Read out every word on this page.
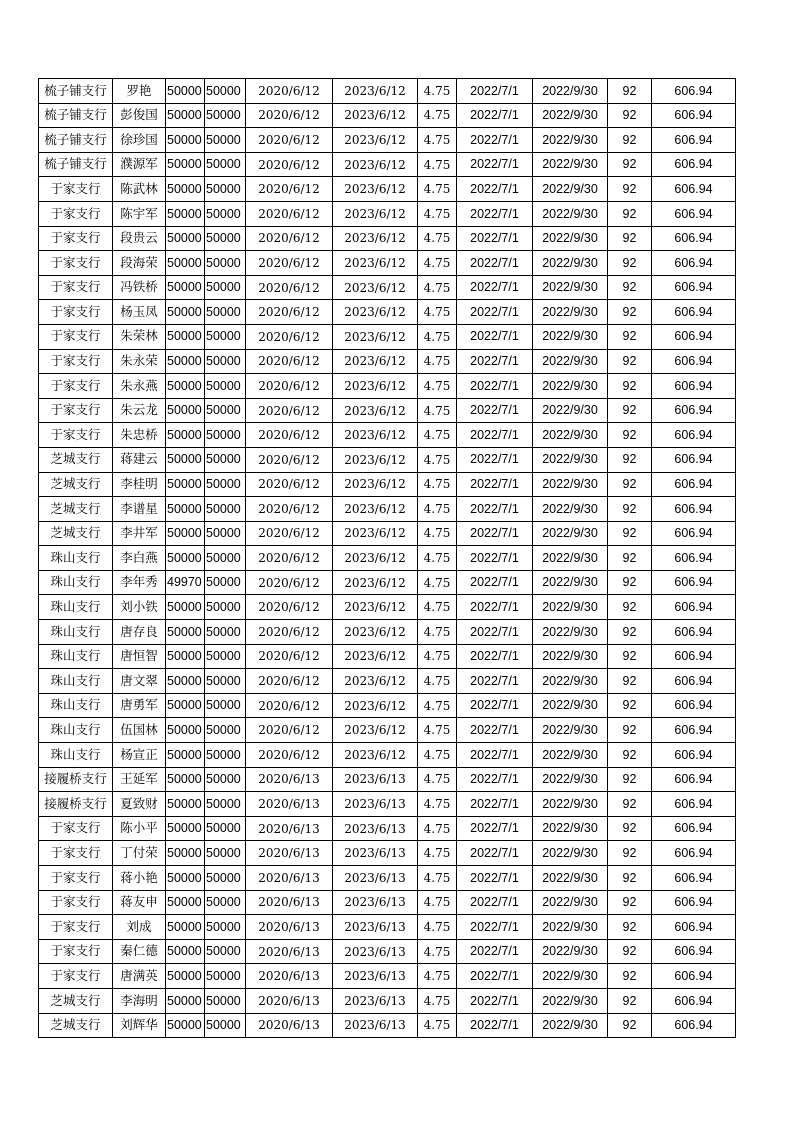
梳子铺支行	罗艳	50000	50000	2020/6/12	2023/6/12	4.75	2022/7/1	2022/9/30	92	606.94
梳子铺支行	彭俊国	50000	50000	2020/6/12	2023/6/12	4.75	2022/7/1	2022/9/30	92	606.94
梳子铺支行	徐珍国	50000	50000	2020/6/12	2023/6/12	4.75	2022/7/1	2022/9/30	92	606.94
梳子铺支行	濮源军	50000	50000	2020/6/12	2023/6/12	4.75	2022/7/1	2022/9/30	92	606.94
于家支行	陈武林	50000	50000	2020/6/12	2023/6/12	4.75	2022/7/1	2022/9/30	92	606.94
于家支行	陈宇军	50000	50000	2020/6/12	2023/6/12	4.75	2022/7/1	2022/9/30	92	606.94
于家支行	段贵云	50000	50000	2020/6/12	2023/6/12	4.75	2022/7/1	2022/9/30	92	606.94
于家支行	段海荣	50000	50000	2020/6/12	2023/6/12	4.75	2022/7/1	2022/9/30	92	606.94
于家支行	冯铁桥	50000	50000	2020/6/12	2023/6/12	4.75	2022/7/1	2022/9/30	92	606.94
于家支行	杨玉凤	50000	50000	2020/6/12	2023/6/12	4.75	2022/7/1	2022/9/30	92	606.94
于家支行	朱荣林	50000	50000	2020/6/12	2023/6/12	4.75	2022/7/1	2022/9/30	92	606.94
于家支行	朱永荣	50000	50000	2020/6/12	2023/6/12	4.75	2022/7/1	2022/9/30	92	606.94
于家支行	朱永燕	50000	50000	2020/6/12	2023/6/12	4.75	2022/7/1	2022/9/30	92	606.94
于家支行	朱云龙	50000	50000	2020/6/12	2023/6/12	4.75	2022/7/1	2022/9/30	92	606.94
于家支行	朱忠桥	50000	50000	2020/6/12	2023/6/12	4.75	2022/7/1	2022/9/30	92	606.94
芝城支行	蒋建云	50000	50000	2020/6/12	2023/6/12	4.75	2022/7/1	2022/9/30	92	606.94
芝城支行	李桂明	50000	50000	2020/6/12	2023/6/12	4.75	2022/7/1	2022/9/30	92	606.94
芝城支行	李谱星	50000	50000	2020/6/12	2023/6/12	4.75	2022/7/1	2022/9/30	92	606.94
芝城支行	李井军	50000	50000	2020/6/12	2023/6/12	4.75	2022/7/1	2022/9/30	92	606.94
珠山支行	李白燕	50000	50000	2020/6/12	2023/6/12	4.75	2022/7/1	2022/9/30	92	606.94
珠山支行	李年秀	49970	50000	2020/6/12	2023/6/12	4.75	2022/7/1	2022/9/30	92	606.94
珠山支行	刘小铁	50000	50000	2020/6/12	2023/6/12	4.75	2022/7/1	2022/9/30	92	606.94
珠山支行	唐存良	50000	50000	2020/6/12	2023/6/12	4.75	2022/7/1	2022/9/30	92	606.94
珠山支行	唐恒智	50000	50000	2020/6/12	2023/6/12	4.75	2022/7/1	2022/9/30	92	606.94
珠山支行	唐文翠	50000	50000	2020/6/12	2023/6/12	4.75	2022/7/1	2022/9/30	92	606.94
珠山支行	唐勇军	50000	50000	2020/6/12	2023/6/12	4.75	2022/7/1	2022/9/30	92	606.94
珠山支行	伍国林	50000	50000	2020/6/12	2023/6/12	4.75	2022/7/1	2022/9/30	92	606.94
珠山支行	杨宣正	50000	50000	2020/6/12	2023/6/12	4.75	2022/7/1	2022/9/30	92	606.94
接履桥支行	王延军	50000	50000	2020/6/13	2023/6/13	4.75	2022/7/1	2022/9/30	92	606.94
接履桥支行	夏致财	50000	50000	2020/6/13	2023/6/13	4.75	2022/7/1	2022/9/30	92	606.94
于家支行	陈小平	50000	50000	2020/6/13	2023/6/13	4.75	2022/7/1	2022/9/30	92	606.94
于家支行	丁付荣	50000	50000	2020/6/13	2023/6/13	4.75	2022/7/1	2022/9/30	92	606.94
于家支行	蒋小艳	50000	50000	2020/6/13	2023/6/13	4.75	2022/7/1	2022/9/30	92	606.94
于家支行	蒋友申	50000	50000	2020/6/13	2023/6/13	4.75	2022/7/1	2022/9/30	92	606.94
于家支行	刘成	50000	50000	2020/6/13	2023/6/13	4.75	2022/7/1	2022/9/30	92	606.94
于家支行	秦仁德	50000	50000	2020/6/13	2023/6/13	4.75	2022/7/1	2022/9/30	92	606.94
于家支行	唐满英	50000	50000	2020/6/13	2023/6/13	4.75	2022/7/1	2022/9/30	92	606.94
芝城支行	李海明	50000	50000	2020/6/13	2023/6/13	4.75	2022/7/1	2022/9/30	92	606.94
芝城支行	刘辉华	50000	50000	2020/6/13	2023/6/13	4.75	2022/7/1	2022/9/30	92	606.94
